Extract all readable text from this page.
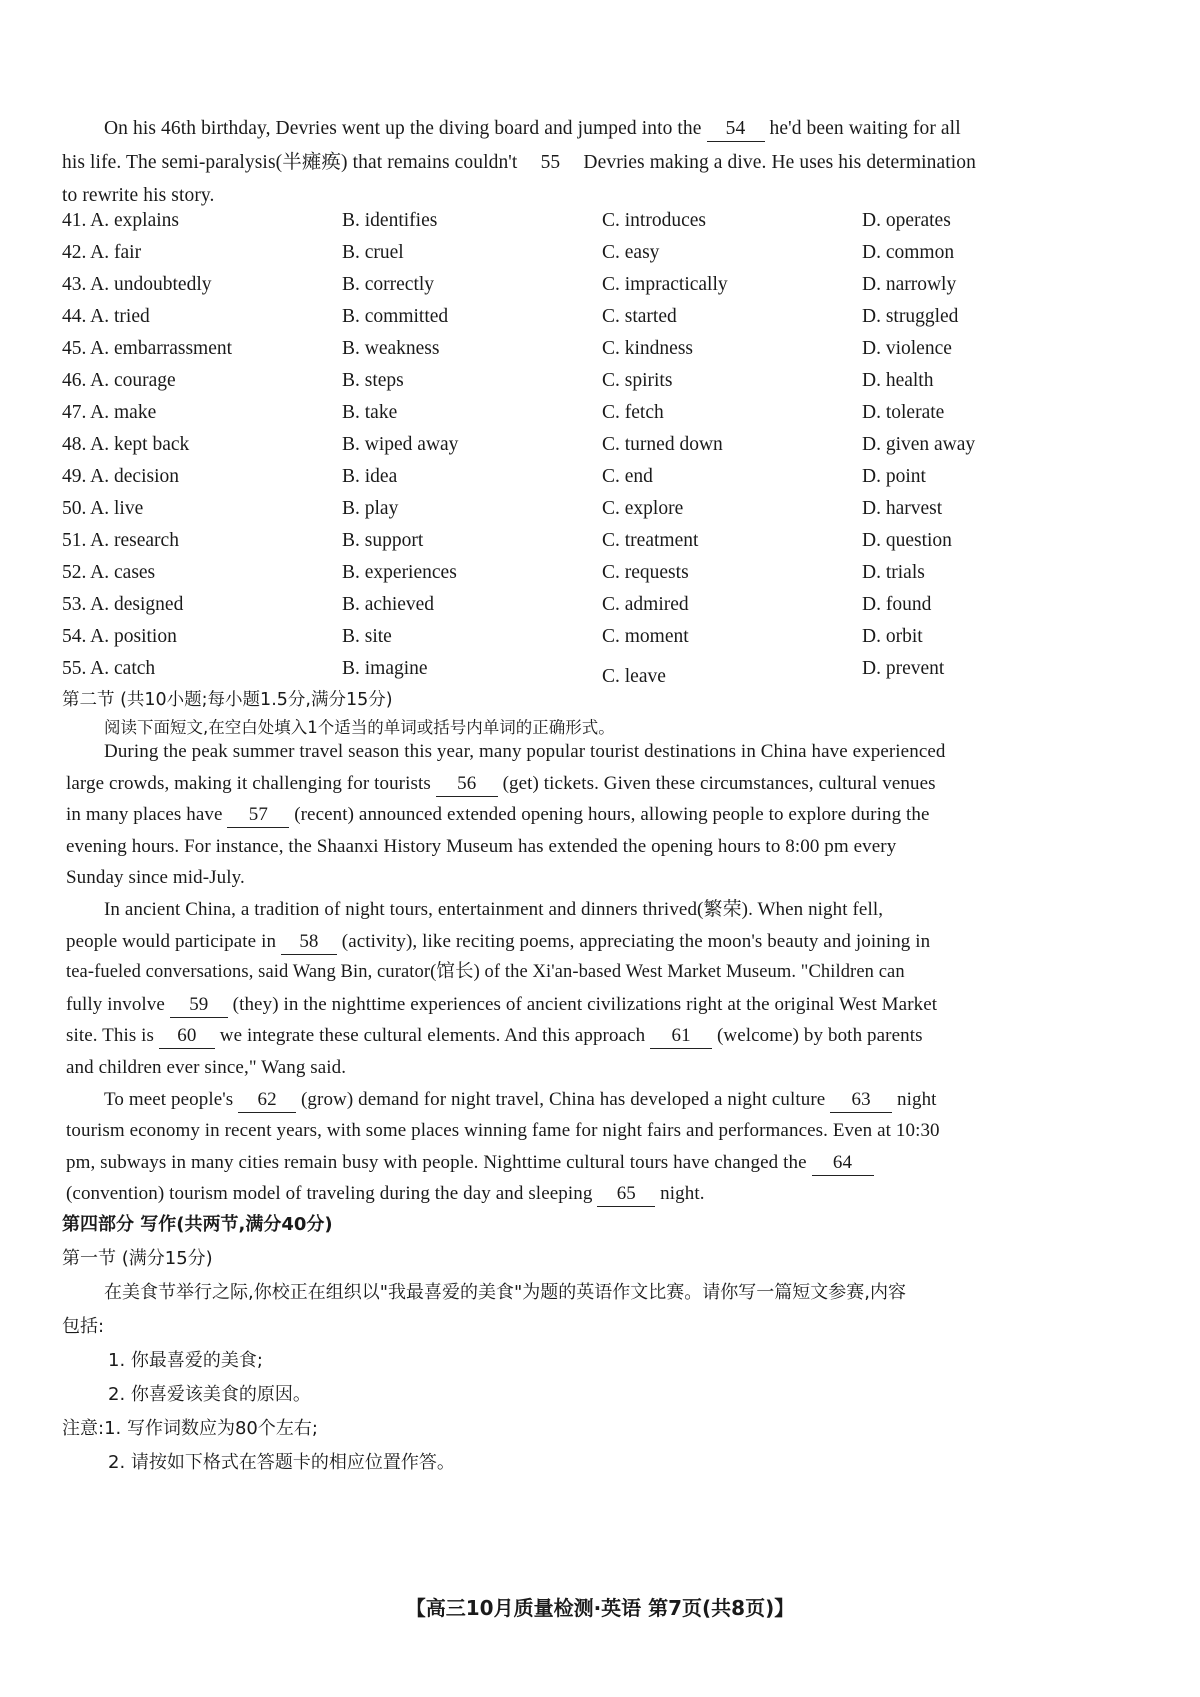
On his 46th birthday, Devries went up the diving board and jumped into the 54 he'd been waiting for all
his life. The semi-paralysis(半瘫痪) that remains couldn't 55 Devries making a dive. He uses his determination
to rewrite his story.
41. A. explains	B. identifies	C. introduces	D. operates
42. A. fair	B. cruel	C. easy	D. common
43. A. undoubtedly	B. correctly	C. impractically	D. narrowly
44. A. tried	B. committed	C. started	D. struggled
45. A. embarrassment	B. weakness	C. kindness	D. violence
46. A. courage	B. steps	C. spirits	D. health
47. A. make	B. take	C. fetch	D. tolerate
48. A. kept back	B. wiped away	C. turned down	D. given away
49. A. decision	B. idea	C. end	D. point
50. A. live	B. play	C. explore	D. harvest
51. A. research	B. support	C. treatment	D. question
52. A. cases	B. experiences	C. requests	D. trials
53. A. designed	B. achieved	C. admired	D. found
54. A. position	B. site	C. moment	D. orbit
55. A. catch	B. imagine	C. leave	D. prevent
第二节 (共10小题;每小题1.5分,满分15分)
阅读下面短文,在空白处填入1个适当的单词或括号内单词的正确形式。
During the peak summer travel season this year, many popular tourist destinations in China have experienced
large crowds, making it challenging for tourists 56 (get) tickets. Given these circumstances, cultural venues
in many places have 57 (recent) announced extended opening hours, allowing people to explore during the
evening hours. For instance, the Shaanxi History Museum has extended the opening hours to 8:00 pm every
Sunday since mid-July.
In ancient China, a tradition of night tours, entertainment and dinners thrived(繁荣). When night fell,
people would participate in 58 (activity), like reciting poems, appreciating the moon's beauty and joining in
tea-fueled conversations, said Wang Bin, curator(馆长) of the Xi'an-based West Market Museum. "Children can
fully involve 59 (they) in the nighttime experiences of ancient civilizations right at the original West Market
site. This is 60 we integrate these cultural elements. And this approach 61 (welcome) by both parents
and children ever since," Wang said.
To meet people's 62 (grow) demand for night travel, China has developed a night culture 63 night
tourism economy in recent years, with some places winning fame for night fairs and performances. Even at 10:30
pm, subways in many cities remain busy with people. Nighttime cultural tours have changed the 64
(convention) tourism model of traveling during the day and sleeping 65 night.
第四部分 写作(共两节,满分40分)
第一节 (满分15分)
在美食节举行之际,你校正在组织以"我最喜爱的美食"为题的英语作文比赛。请你写一篇短文参赛,内容
包括:
1. 你最喜爱的美食;
2. 你喜爱该美食的原因。
注意:1. 写作词数应为80个左右;
2. 请按如下格式在答题卡的相应位置作答。
【高三10月质量检测·英语 第7页(共8页)】
